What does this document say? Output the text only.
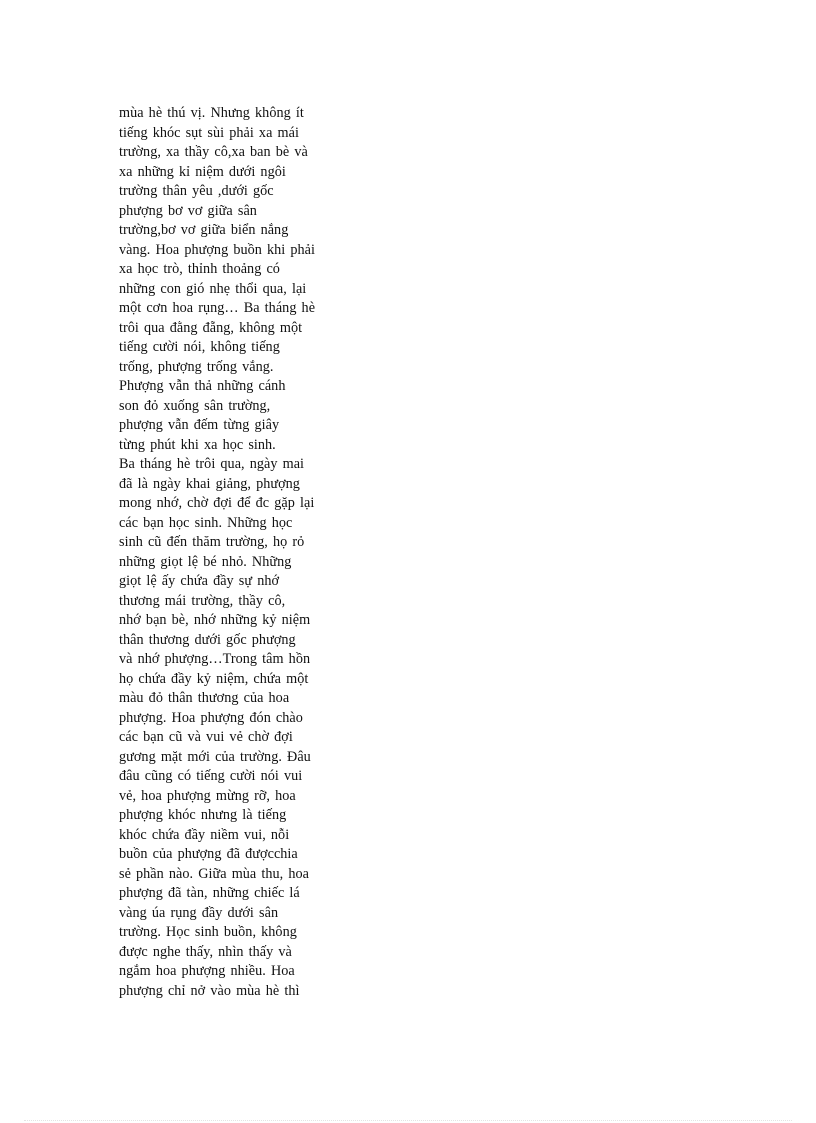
mùa hè thú vị. Nhưng không ít
tiếng khóc sụt sùi phải xa mái
trường, xa thầy cô,xa ban bè và
xa những kỉ niệm dưới ngôi
trường thân yêu ,dưới gốc
phượng bơ vơ giữa sân
trường,bơ vơ giữa biển nắng
vàng. Hoa phượng buồn khi phải
xa học trò, thỉnh thoảng có
những con gió nhẹ thổi qua, lại
một cơn hoa rụng… Ba tháng hè
trôi qua đằng đẵng, không một
tiếng cười nói, không tiếng
trống, phượng trống vắng.
Phượng vẫn thả những cánh
son đỏ xuống sân trường,
phượng vẫn đếm từng giây
từng phút khi xa học sinh.
Ba tháng hè trôi qua, ngày mai
đã là ngày khai giảng, phượng
mong nhớ, chờ đợi để đc gặp lại
các bạn học sinh. Những học
sinh cũ đến thăm trường, họ rỏ
những giọt lệ bé nhỏ. Những
giọt lệ ấy chứa đầy sự nhớ
thương mái trường, thầy cô,
nhớ bạn bè, nhớ những kỷ niệm
thân thương dưới gốc phượng
và nhớ phượng…Trong tâm hồn
họ chứa đầy kỷ niệm, chứa một
màu đỏ thân thương của hoa
phượng. Hoa phượng đón chào
các bạn cũ và vui vẻ chờ đợi
gương mặt mới của trường. Đâu
đâu cũng có tiếng cười nói vui
vẻ, hoa phượng mừng rỡ, hoa
phượng khóc nhưng là tiếng
khóc chứa đầy niềm vui, nỗi
buồn của phượng đã đượcchia
sẻ phần nào. Giữa mùa thu, hoa
phượng đã tàn, những chiếc lá
vàng úa rụng đầy dưới sân
trường. Học sinh buồn, không
được nghe thấy, nhìn thấy và
ngắm hoa phượng nhiều. Hoa
phượng chỉ nở vào mùa hè thì
